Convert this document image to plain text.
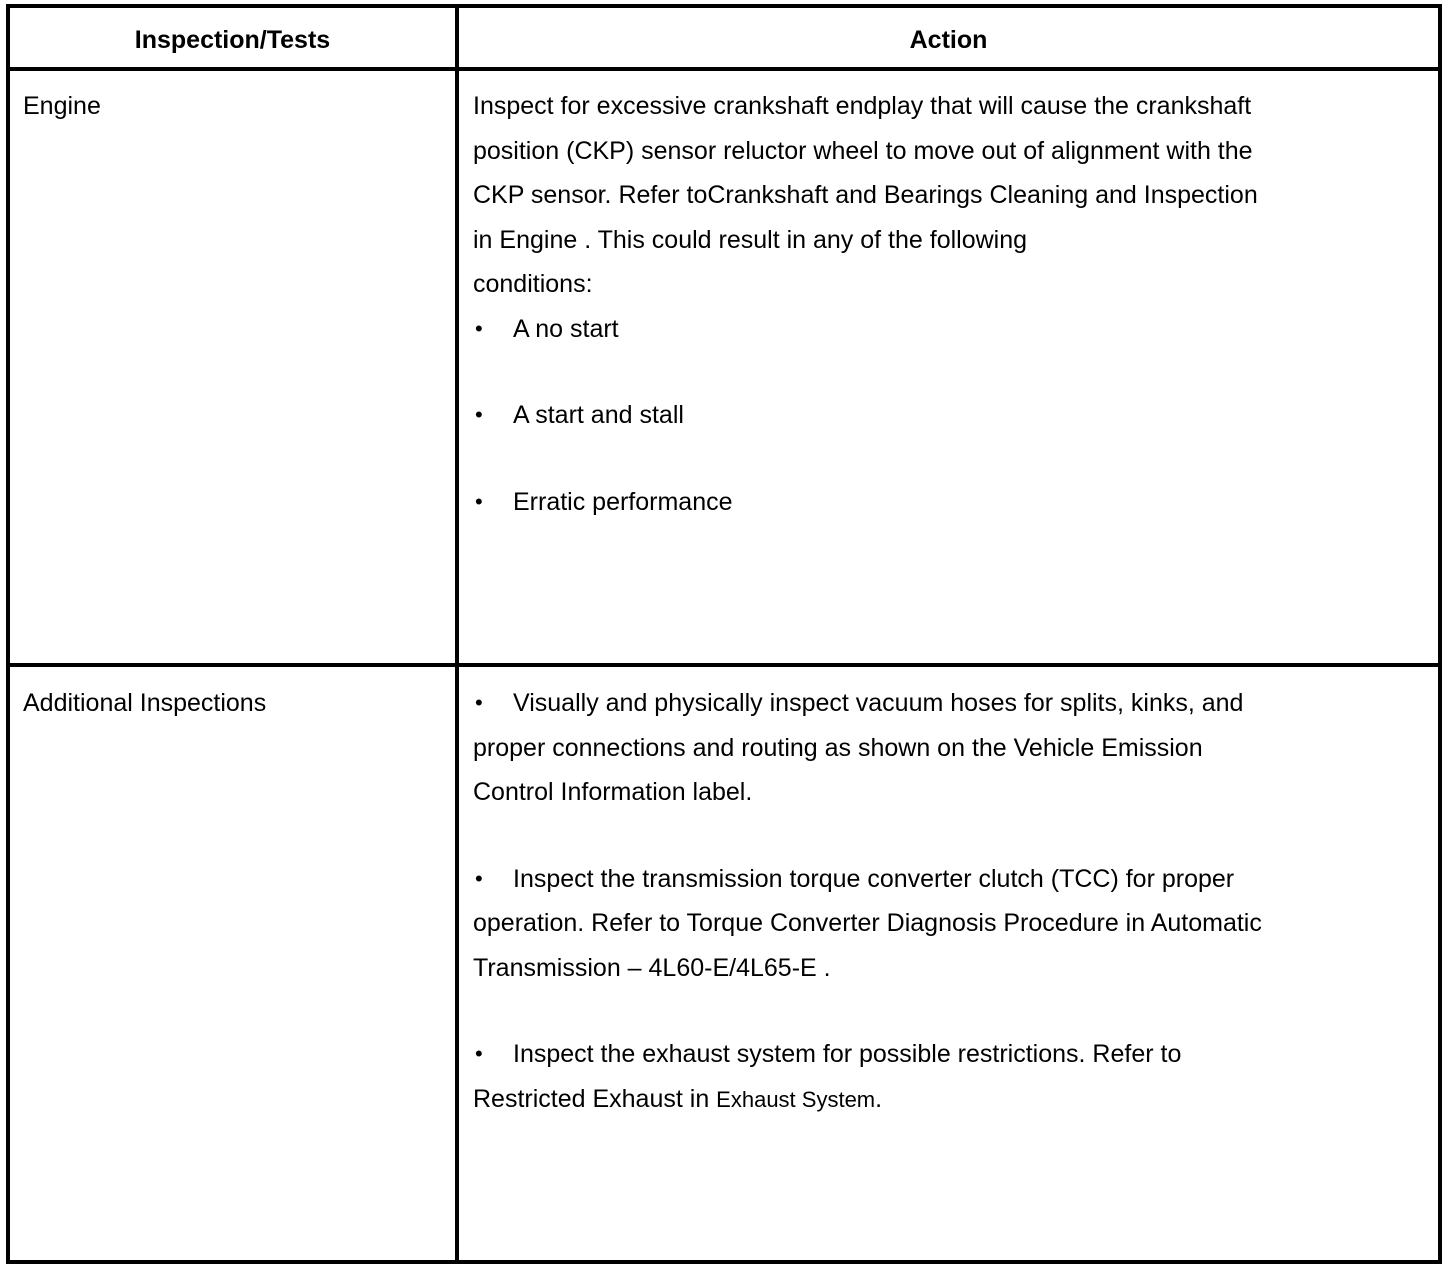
Inspection/Tests	Action

Engine	Inspect for excessive crankshaft endplay that will cause the crankshaft

position (CKP) sensor reluctor wheel to move out of alignment with the

CKP sensor. Refer toCrankshaft and Bearings Cleaning and Inspection

in Engine . This could result in any of the following

conditions:

• A no start

• A start and stall

• Erratic performance

Additional Inspections	• Visually and physically inspect vacuum hoses for splits, kinks, and

proper connections and routing as shown on the Vehicle Emission

Control Information label.

• Inspect the transmission torque converter clutch (TCC) for proper

operation. Refer to Torque Converter Diagnosis Procedure in Automatic

Transmission – 4L60-E/4L65-E .

• Inspect the exhaust system for possible restrictions. Refer to

Restricted Exhaust in Exhaust System.
